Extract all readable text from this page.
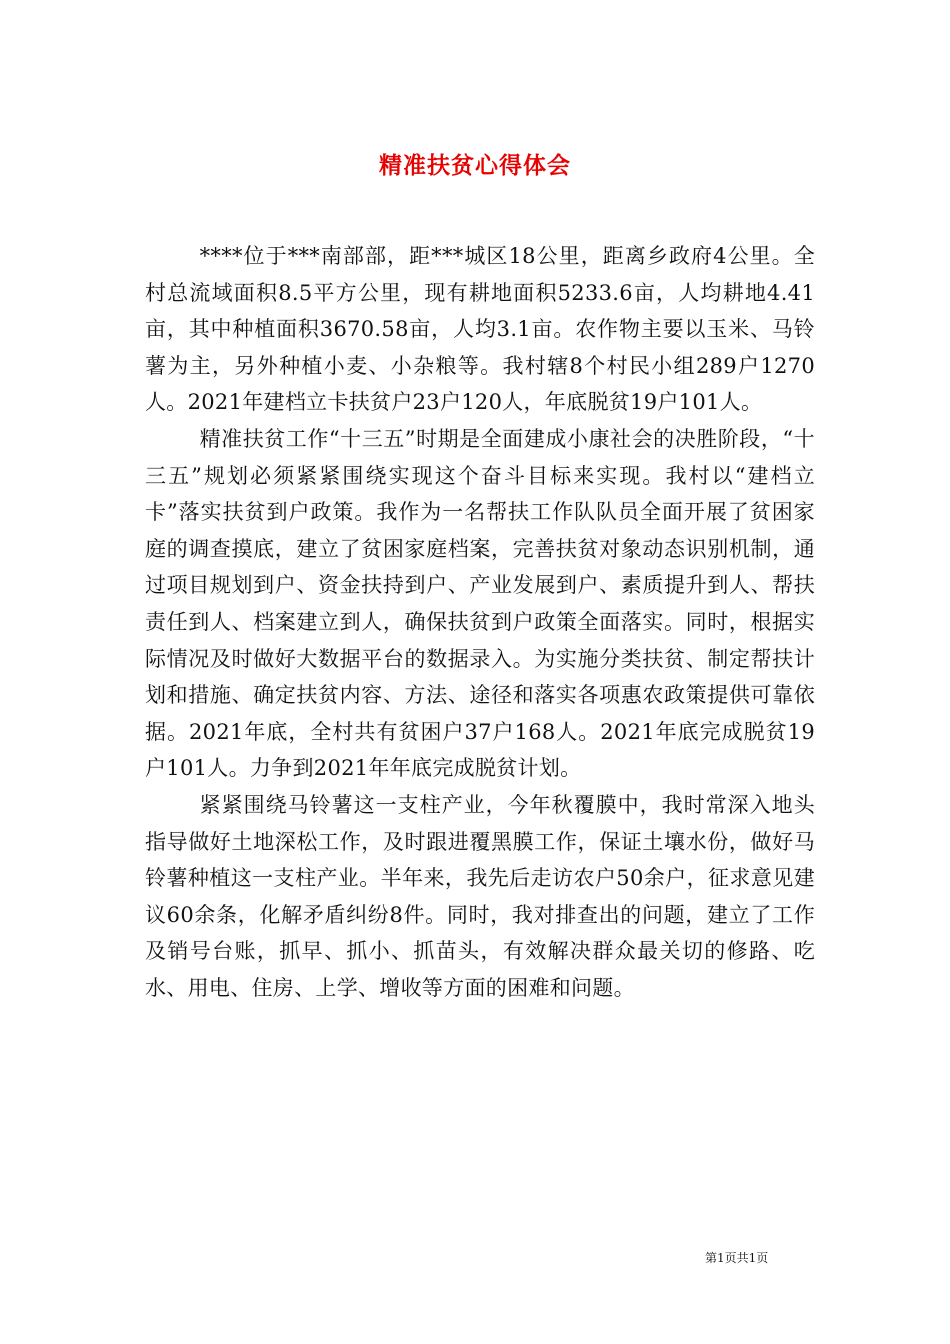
精准扶贫心得体会

****位于***南部部，距***城区18公里，距离乡政府4公里。全村总流域面积8.5平方公里，现有耕地面积5233.6亩，人均耕地4.41亩，其中种植面积3670.58亩，人均3.1亩。农作物主要以玉米、马铃薯为主，另外种植小麦、小杂粮等。我村辖8个村民小组289户1270人。2021年建档立卡扶贫户23户120人，年底脱贫19户101人。

精准扶贫工作“十三五”时期是全面建成小康社会的决胜阶段，“十三五”规划必须紧紧围绕实现这个奋斗目标来实现。我村以“建档立卡”落实扶贫到户政策。我作为一名帮扶工作队队员全面开展了贫困家庭的调查摸底，建立了贫困家庭档案，完善扶贫对象动态识别机制，通过项目规划到户、资金扶持到户、产业发展到户、素质提升到人、帮扶责任到人、档案建立到人，确保扶贫到户政策全面落实。同时，根据实际情况及时做好大数据平台的数据录入。为实施分类扶贫、制定帮扶计划和措施、确定扶贫内容、方法、途径和落实各项惠农政策提供可靠依据。2021年底，全村共有贫困户37户168人。2021年底完成脱贫19户101人。力争到2021年年底完成脱贫计划。

紧紧围绕马铃薯这一支柱产业，今年秋覆膜中，我时常深入地头指导做好土地深松工作，及时跟进覆黑膜工作，保证土壤水份，做好马铃薯种植这一支柱产业。半年来，我先后走访农户50余户，征求意见建议60余条，化解矛盾纠纷8件。同时，我对排查出的问题，建立了工作及销号台账，抓早、抓小、抓苗头，有效解决群众最关切的修路、吃水、用电、住房、上学、增收等方面的困难和问题。

第1页共1页
